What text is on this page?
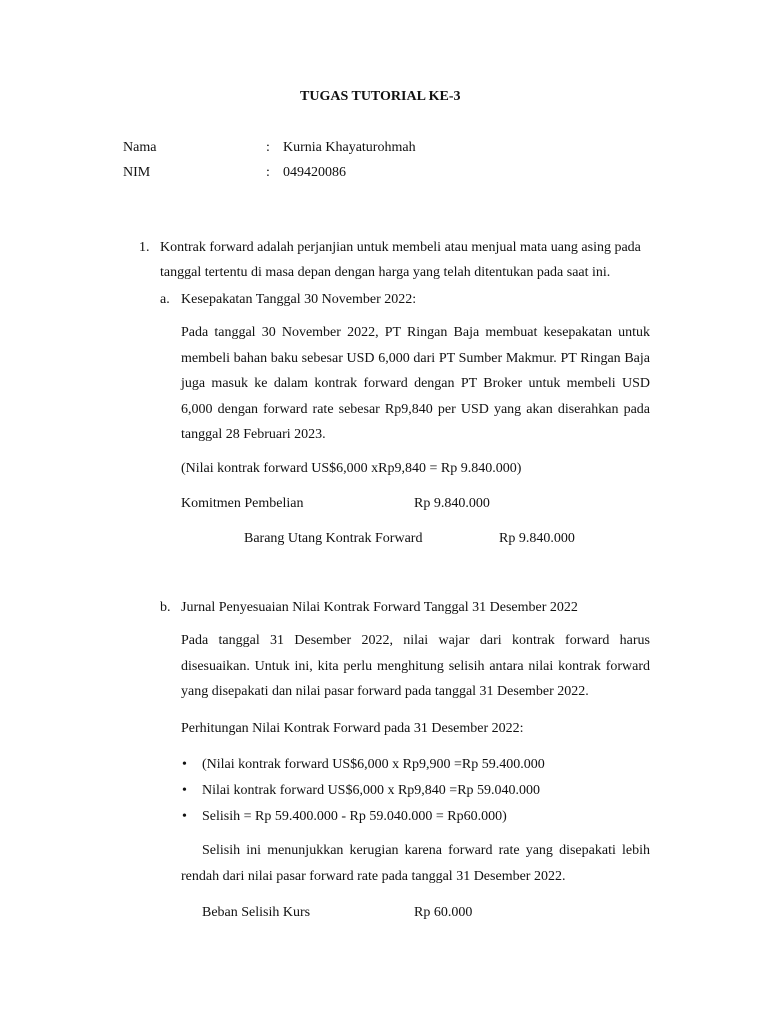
TUGAS TUTORIAL KE-3
Nama	: Kurnia Khayaturohmah
NIM	: 049420086
1. Kontrak forward adalah perjanjian untuk membeli atau menjual mata uang asing pada
tanggal tertentu di masa depan dengan harga yang telah ditentukan pada saat ini.
a. Kesepakatan Tanggal 30 November 2022:
Pada tanggal 30 November 2022, PT Ringan Baja membuat kesepakatan untuk membeli bahan baku sebesar USD 6,000 dari PT Sumber Makmur. PT Ringan Baja juga masuk ke dalam kontrak forward dengan PT Broker untuk membeli USD 6,000 dengan forward rate sebesar Rp9,840 per USD yang akan diserahkan pada tanggal 28 Februari 2023.
(Nilai kontrak forward US$6,000 xRp9,840 = Rp 9.840.000)
Komitmen Pembelian	Rp 9.840.000
Barang Utang Kontrak Forward	Rp 9.840.000
b. Jurnal Penyesuaian Nilai Kontrak Forward Tanggal 31 Desember 2022
Pada tanggal 31 Desember 2022, nilai wajar dari kontrak forward harus disesuaikan. Untuk ini, kita perlu menghitung selisih antara nilai kontrak forward yang disepakati dan nilai pasar forward pada tanggal 31 Desember 2022.
Perhitungan Nilai Kontrak Forward pada 31 Desember 2022:
• (Nilai kontrak forward US$6,000 x Rp9,900 =Rp 59.400.000
• Nilai kontrak forward US$6,000 x Rp9,840 =Rp 59.040.000
• Selisih = Rp 59.400.000 - Rp 59.040.000 = Rp60.000)
Selisih ini menunjukkan kerugian karena forward rate yang disepakati lebih rendah dari nilai pasar forward rate pada tanggal 31 Desember 2022.
Beban Selisih Kurs	Rp 60.000
